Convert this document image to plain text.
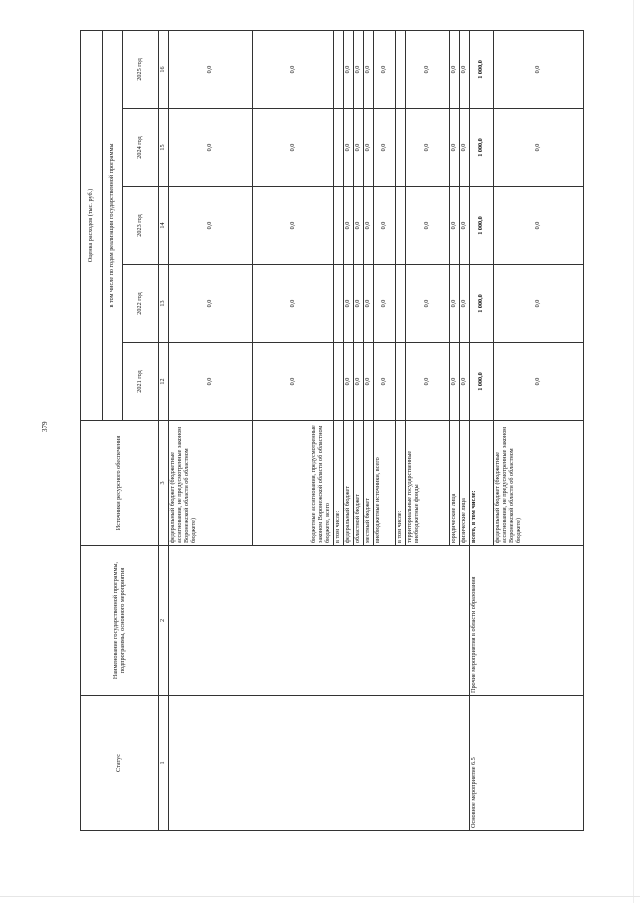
379
Статус	Наименование государственной программы, подпрограммы, основного мероприятия	Источники ресурсного обеспечения	Оценка расходов (тыс. руб.)				
			в том числе по годам реализации государственной программы				
			2021 год	2022 год	2023 год	2024 год	2025 год
1	2	3	12	13	14	15	16
		федеральный бюджет (бюджетные ассигнования, не предусмотренные законом Воронежской области об областном бюджете)	0,0	0,0	0,0	0,0	0,0
		бюджетные ассигнования, предусмотренные законом Воронежской области об областном бюджете, всего	0,0	0,0	0,0	0,0	0,0
		в том числе:					
		федеральный бюджет	0,0	0,0	0,0	0,0	0,0
		областной бюджет	0,0	0,0	0,0	0,0	0,0
		местный бюджет	0,0	0,0	0,0	0,0	0,0
		внебюджетные источники, всего	0,0	0,0	0,0	0,0	0,0
		в том числе:					
		территориальные государственные внебюджетные фонды	0,0	0,0	0,0	0,0	0,0
		юридические лица	0,0	0,0	0,0	0,0	0,0
		физические лица	0,0	0,0	0,0	0,0	0,0
Основное мероприятие 6.5	Прочие мероприятия в области образования	всего, в том числе:	1 000,0	1 000,0	1 000,0	1 000,0	1 000,0
		федеральный бюджет (бюджетные ассигнования, не предусмотренные законом Воронежской области об областном бюджете)	0,0	0,0	0,0	0,0	0,0
